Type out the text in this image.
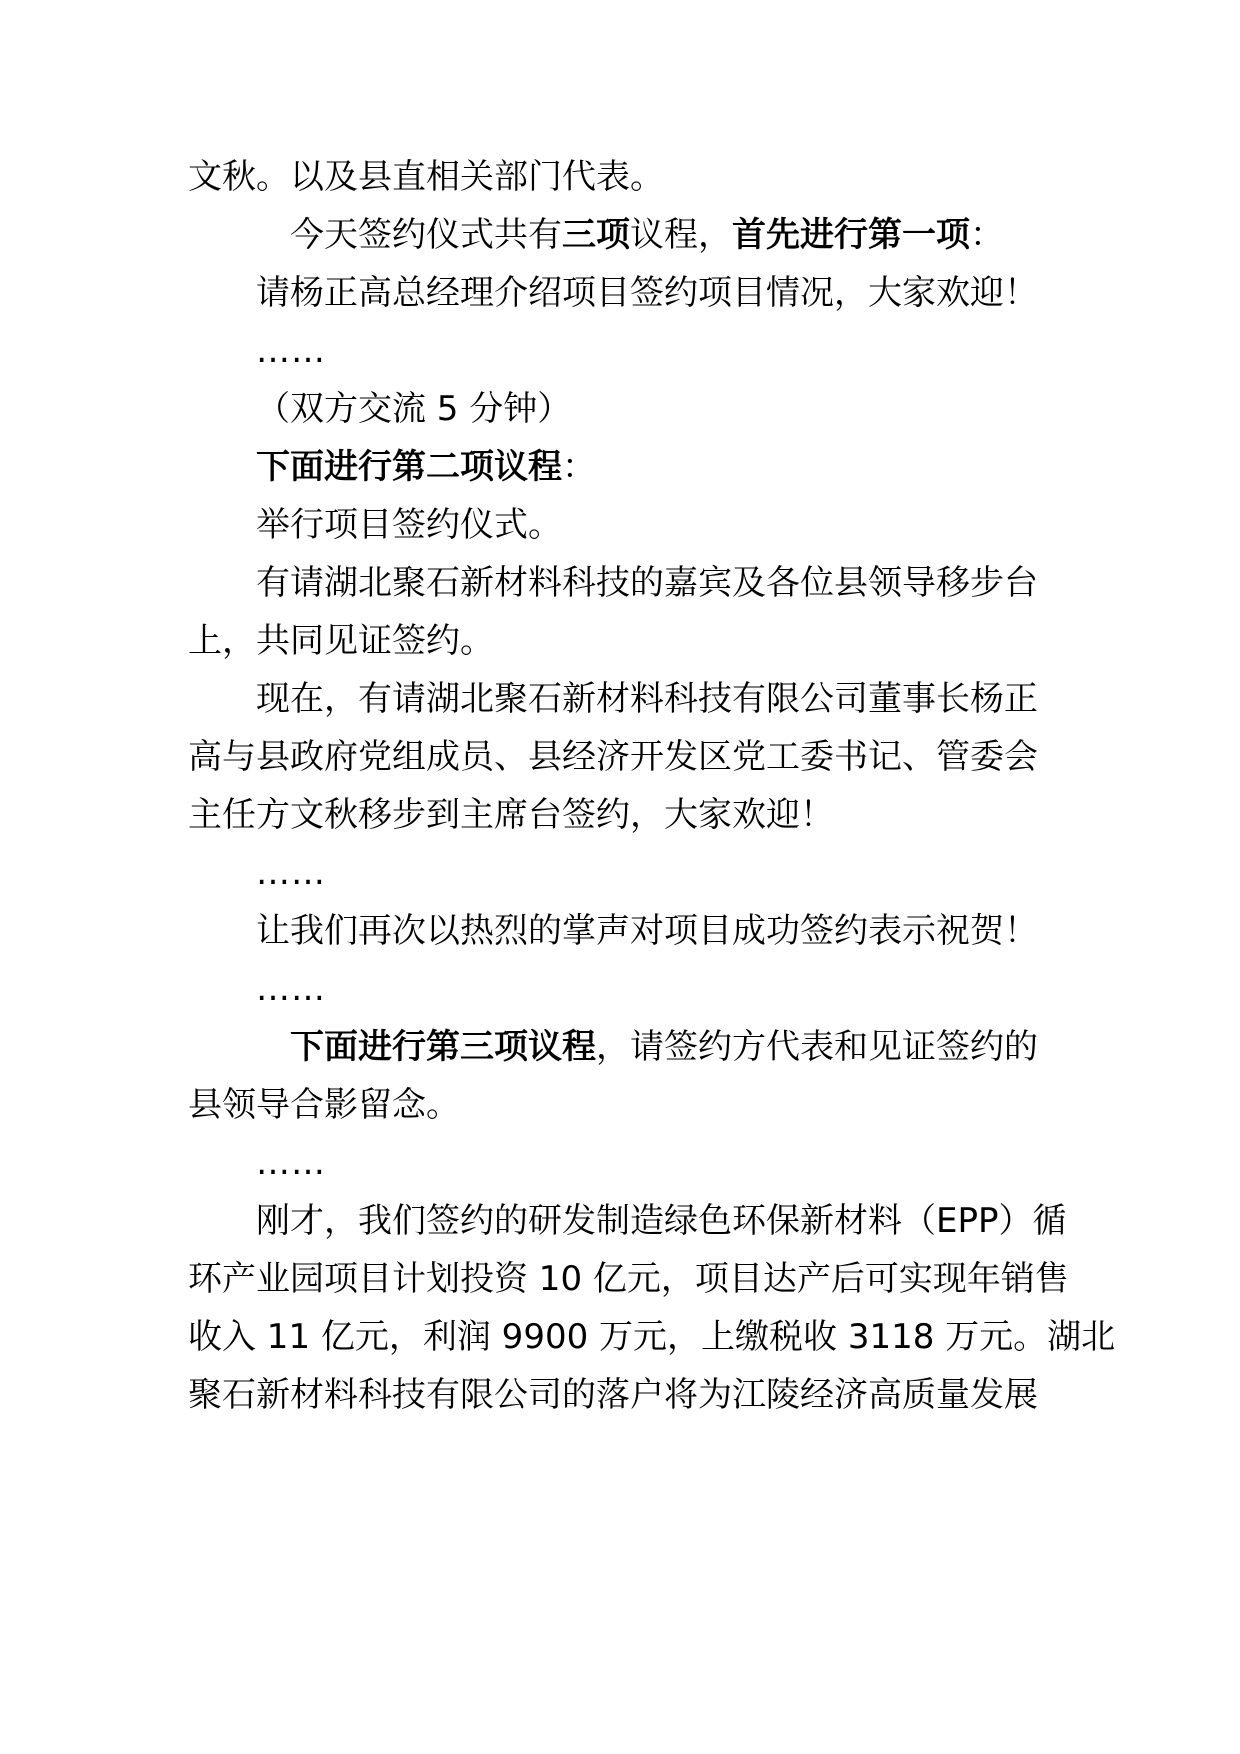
文秋。以及县直相关部门代表。
今天签约仪式共有三项议程，首先进行第一项：
请杨正高总经理介绍项目签约项目情况，大家欢迎！
……
（双方交流 5 分钟）
下面进行第二项议程：
举行项目签约仪式。
有请湖北聚石新材料科技的嘉宾及各位县领导移步台
上，共同见证签约。
现在，有请湖北聚石新材料科技有限公司董事长杨正
高与县政府党组成员、县经济开发区党工委书记、管委会
主任方文秋移步到主席台签约，大家欢迎！
……
让我们再次以热烈的掌声对项目成功签约表示祝贺！
……
下面进行第三项议程，请签约方代表和见证签约的
县领导合影留念。
……
刚才，我们签约的研发制造绿色环保新材料（EPP）循
环产业园项目计划投资 10 亿元，项目达产后可实现年销售
收入 11 亿元，利润 9900 万元，上缴税收 3118 万元。湖北
聚石新材料科技有限公司的落户将为江陵经济高质量发展
